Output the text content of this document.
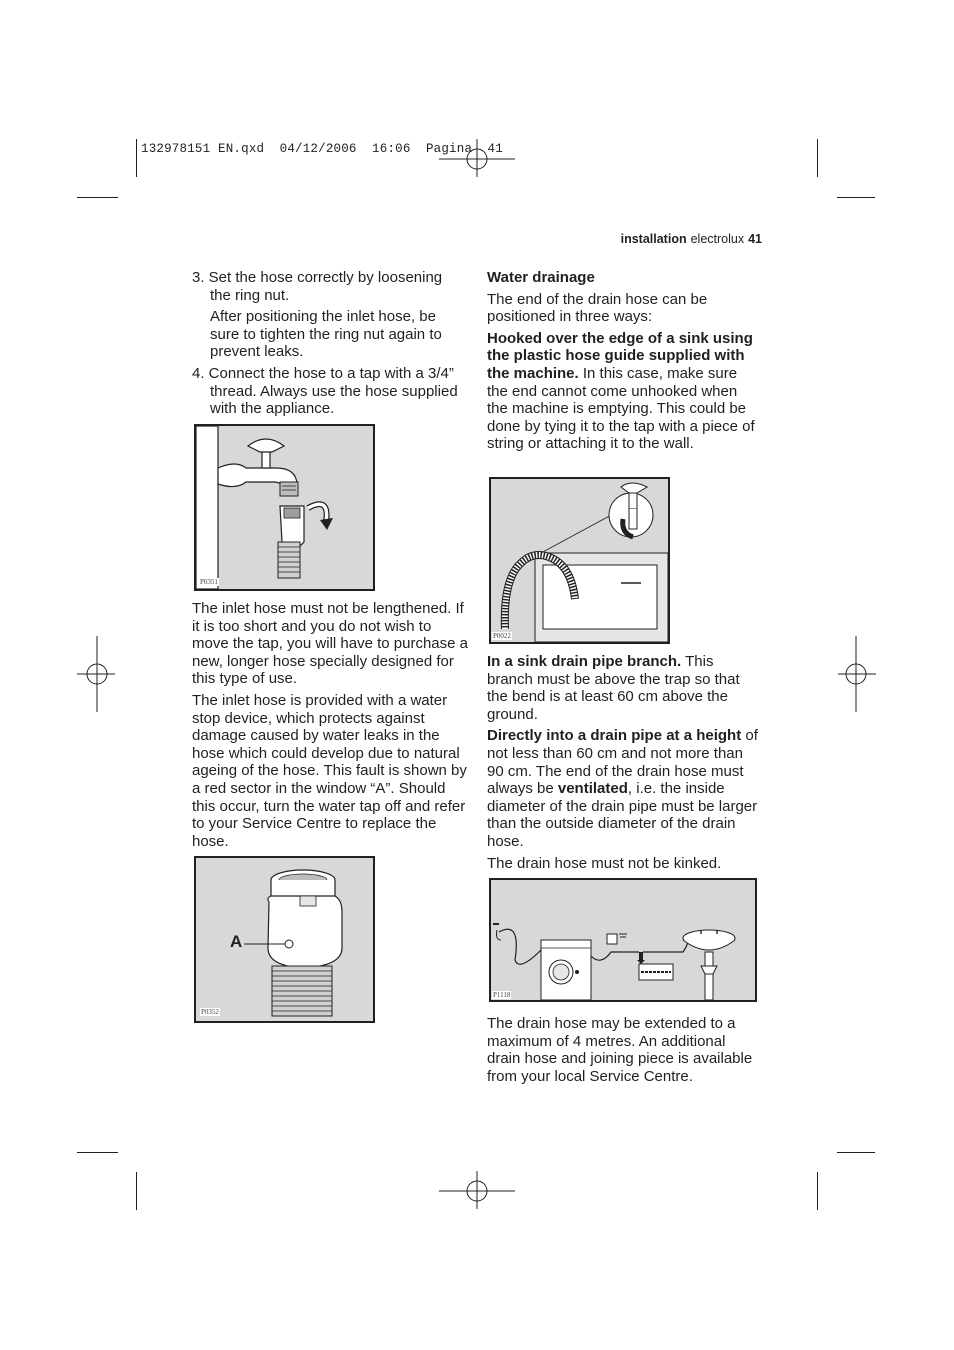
132978151 EN.qxd  04/12/2006  16:06  Pagina  41
installation electrolux 41

3. Set the hose correctly by loosening the ring nut.

After positioning the inlet hose, be sure to tighten the ring nut again to prevent leaks.

4. Connect the hose to a tap with a 3/4” thread. Always use the hose supplied with the appliance.

P0351

The inlet hose must not be lengthened. If it is too short and you do not wish to move the tap, you will have to purchase a new, longer hose specially designed for this type of use.

The inlet hose is provided with a water stop device, which protects against damage caused by water leaks in the hose which could develop due to natural ageing of the hose. This fault is shown by a red sector in the window “A”. Should this occur, turn the water tap off and refer to your Service Centre to replace the hose.

A
P0352

Water drainage

The end of the drain hose can be positioned in three ways:

Hooked over the edge of a sink using the plastic hose guide supplied with the machine. In this case, make sure the end cannot come unhooked when the machine is emptying. This could be done by tying it to the tap with a piece of string or attaching it to the wall.

P0022

In a sink drain pipe branch. This branch must be above the trap so that the bend is at least 60 cm above the ground.

Directly into a drain pipe at a height of not less than 60 cm and not more than 90 cm. The end of the drain hose must always be ventilated, i.e. the inside diameter of the drain pipe must be larger than the outside diameter of the drain hose.

The drain hose must not be kinked.

P1118

The drain hose may be extended to a maximum of 4 metres. An additional drain hose and joining piece is available from your local Service Centre.
